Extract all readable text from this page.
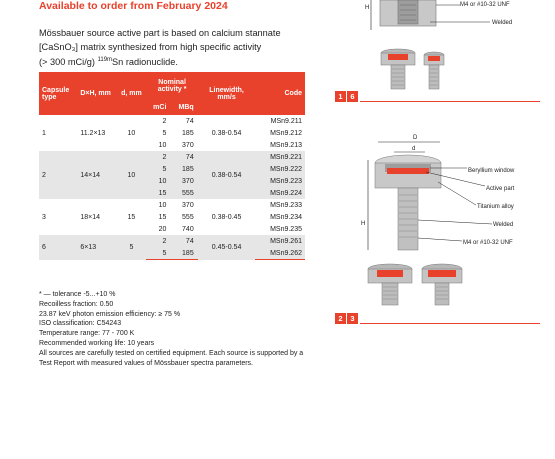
Available to order from February 2024
Mössbauer source active part is based on calcium stannate
[CaSnO₃] matrix synthesized from high specific activity
(> 300 mCi/g) $^{119m}$Sn radionuclide.
Capsule type	D×H, mm	d, mm	Nominal activity *		Linewidth, mm/s	Code
			mCi	MBq		
1	11.2×13	10	2	74	0.38-0.54	MSn9.211
			5	185		MSn9.212
			10	370		MSn9.213
2	14×14	10	2	74	0.38-0.54	MSn9.221
			5	185		MSn9.222
			10	370		MSn9.223
			15	555		MSn9.224
3	18×14	15	10	370	0.38-0.45	MSn9.233
			15	555		MSn9.234
			20	740		MSn9.235
6	6×13	5	2	74	0.45-0.54	MSn9.261
			5	185		MSn9.262
* — tolerance -5...+10 %
Recoilless fraction: 0.50
23.87 keV photon emission efficiency: ≥ 75 %
ISO classification: C54243
Temperature range: 77 - 700 K
Recommended working life: 10 years
All sources are carefully tested on certified equipment. Each source is supported by a Test Report with measured values of Mössbauer spectra parameters.
H	M4 or #10-32 UNF
Welded
1	6
D
d
H
Beryllium window
Active part
Titanium alloy
Welded
M4 or #10-32 UNF
2	3
